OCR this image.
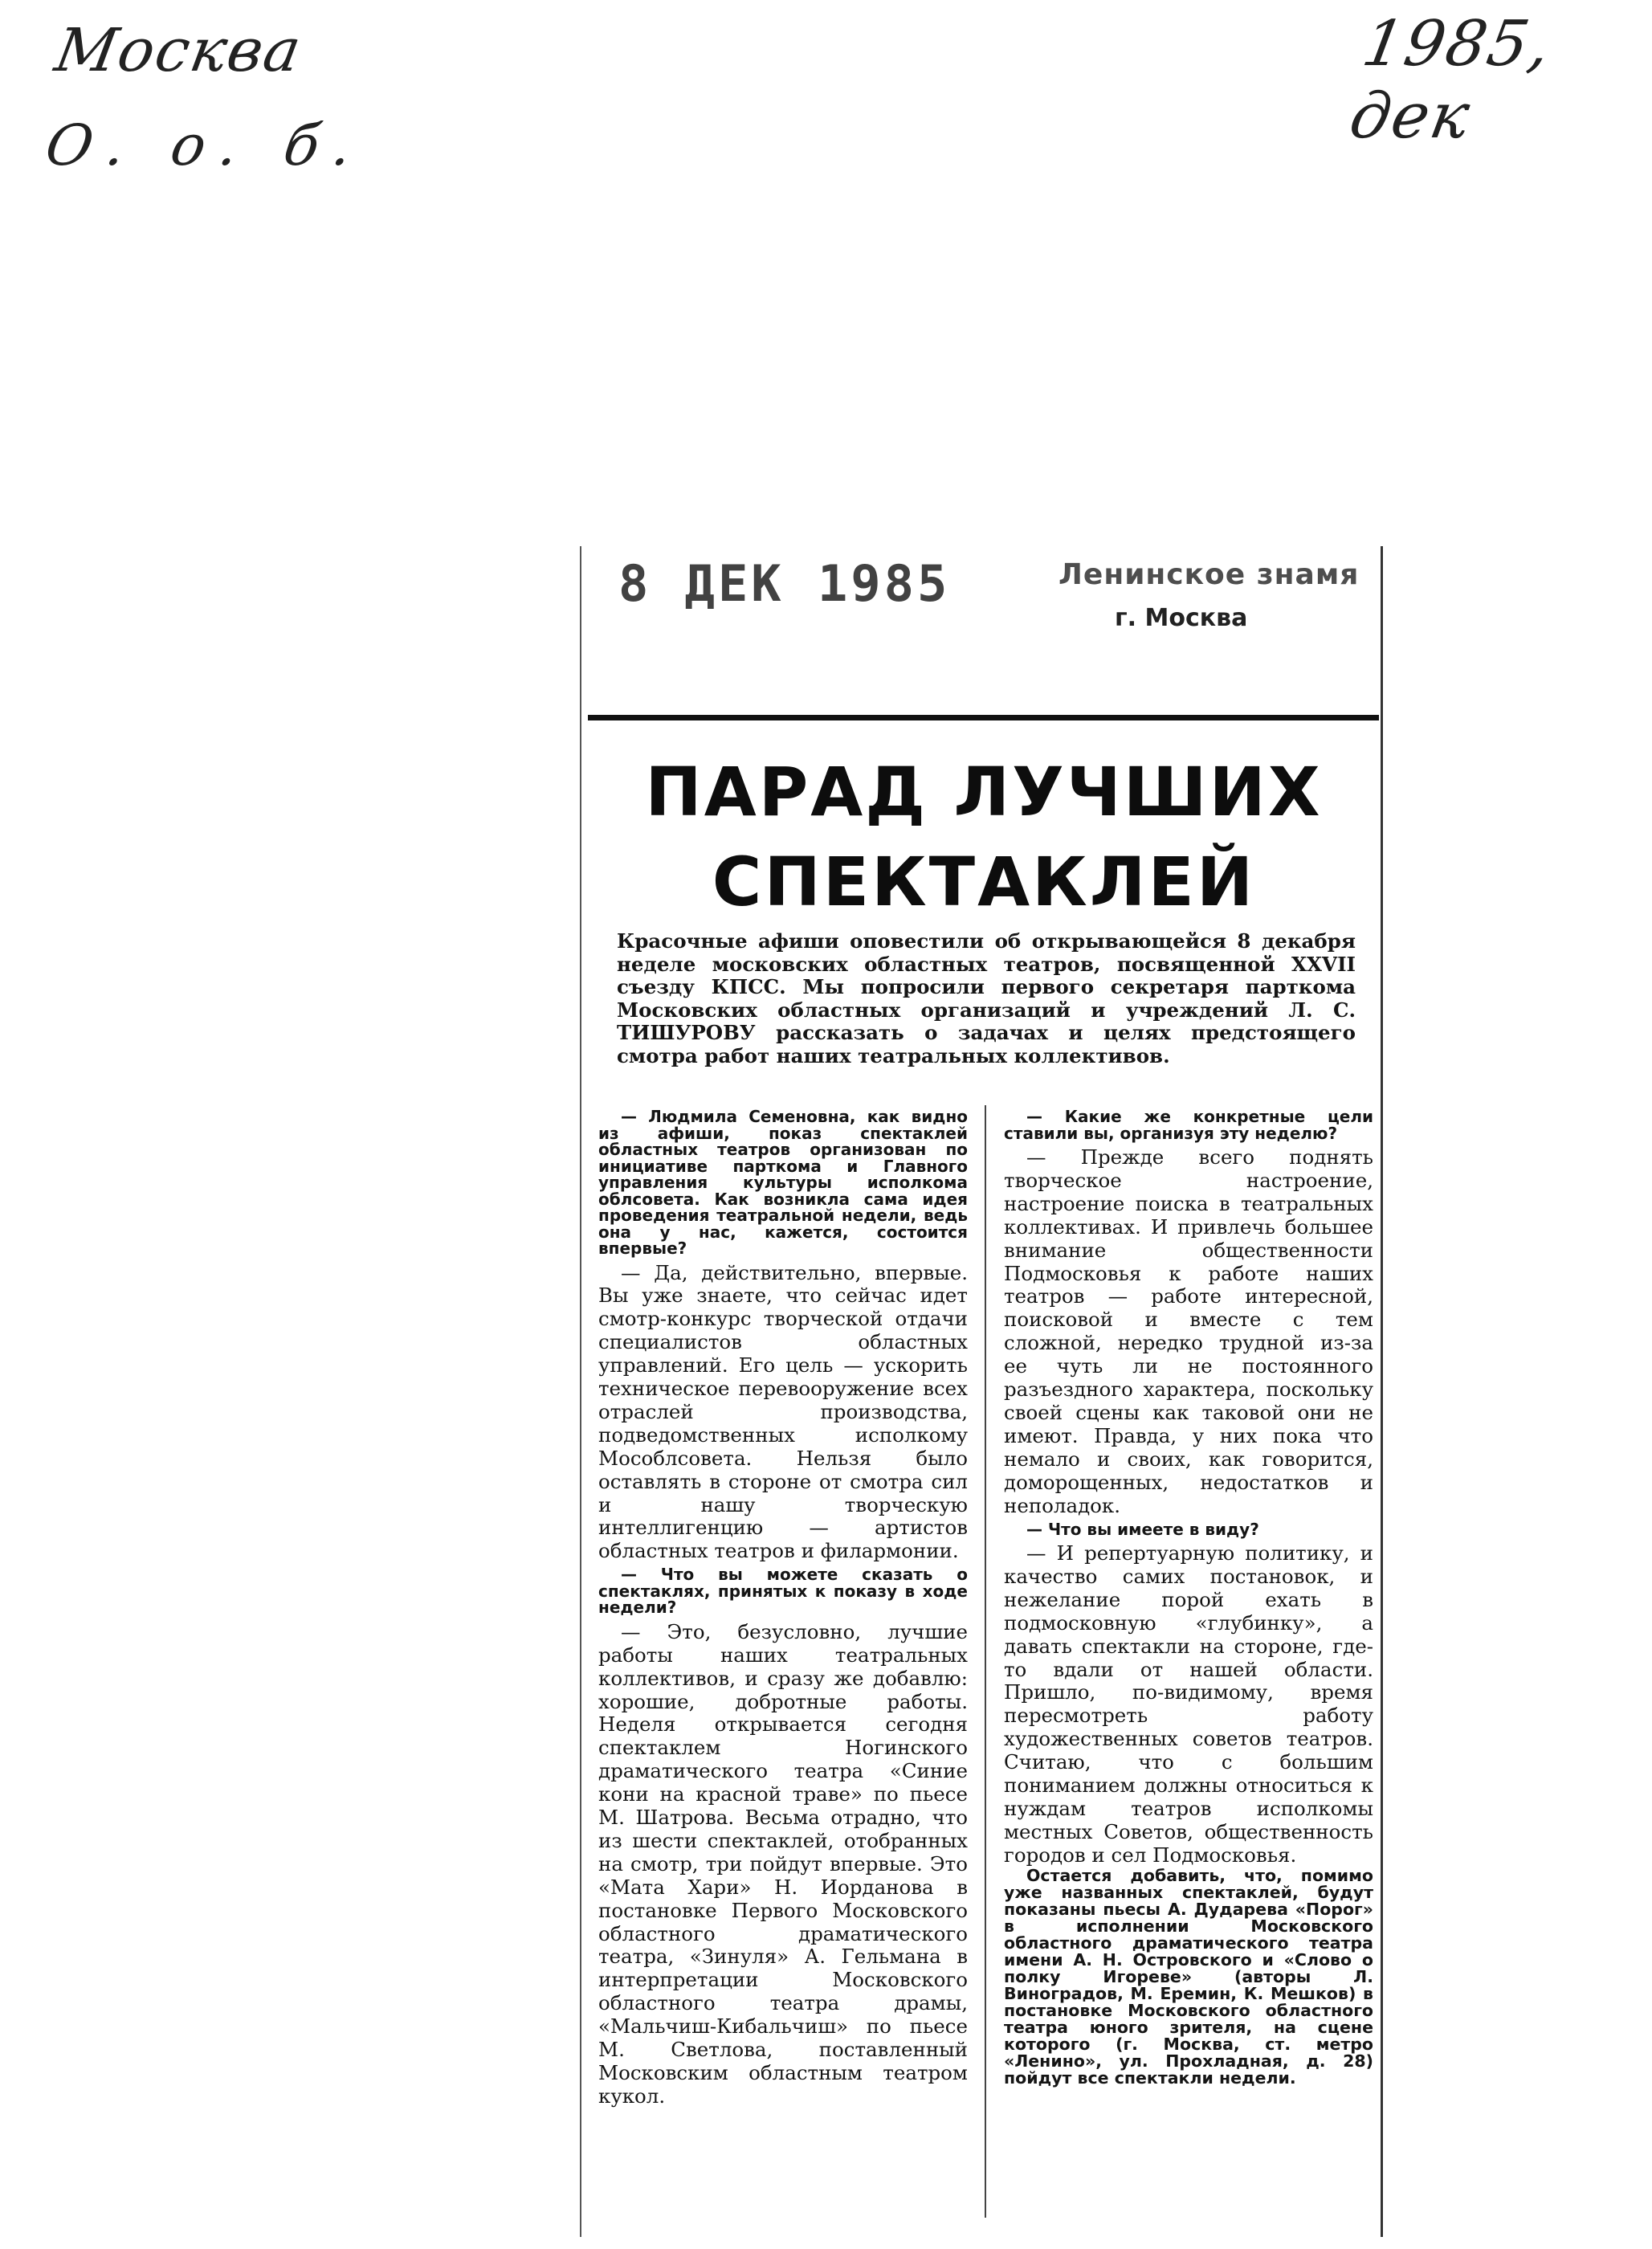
Москва
О. о. б.
1985, дек
8 ДЕК 1985	Ленинское знамя
г. Москва
ПАРАД ЛУЧШИХ
СПЕКТАКЛЕЙ
Красочные афиши оповестили об открывающейся 8 декабря неделе московских областных театров, посвященной XXVII съезду КПСС. Мы попросили первого секретаря парткома Московских областных организаций и учреждений Л. С. ТИШУРОВУ рассказать о задачах и целях предстоящего смотра работ наших театральных коллективов.

— Людмила Семеновна, как видно из афиши, показ спектаклей областных театров организован по инициативе парткома и Главного управления культуры исполкома облсовета. Как возникла сама идея проведения театральной недели, ведь она у нас, кажется, состоится впервые?

— Да, действительно, впервые. Вы уже знаете, что сейчас идет смотр-конкурс творческой отдачи специалистов областных управлений. Его цель — ускорить техническое перевооружение всех отраслей производства, подведомственных исполкому Мособлсовета. Нельзя было оставлять в стороне от смотра сил и нашу творческую интеллигенцию — артистов областных театров и филармонии.

— Что вы можете сказать о спектаклях, принятых к показу в ходе недели?

— Это, безусловно, лучшие работы наших театральных коллективов, и сразу же добавлю: хорошие, добротные работы. Неделя открывается сегодня спектаклем Ногинского драматического театра «Синие кони на красной траве» по пьесе М. Шатрова. Весьма отрадно, что из шести спектаклей, отобранных на смотр, три пойдут впервые. Это «Мата Хари» Н. Иорданова в постановке Первого Московского областного драматического театра, «Зинуля» А. Гельмана в интерпретации Московского областного театра драмы, «Мальчиш-Кибальчиш» по пьесе М. Светлова, поставленный Московским областным театром кукол.

— Какие же конкретные цели ставили вы, организуя эту неделю?

— Прежде всего поднять творческое настроение, настроение поиска в театральных коллективах. И привлечь большее внимание общественности Подмосковья к работе наших театров — работе интересной, поисковой и вместе с тем сложной, нередко трудной из-за ее чуть ли не постоянного разъездного характера, поскольку своей сцены как таковой они не имеют. Правда, у них пока что немало и своих, как говорится, доморощенных, недостатков и неполадок.

— Что вы имеете в виду?

— И репертуарную политику, и качество самих постановок, и нежелание порой ехать в подмосковную «глубинку», а давать спектакли на стороне, где-то вдали от нашей области. Пришло, по-видимому, время пересмотреть работу художественных советов театров. Считаю, что с большим пониманием должны относиться к нуждам театров исполкомы местных Советов, общественность городов и сел Подмосковья.

Остается добавить, что, помимо уже названных спектаклей, будут показаны пьесы А. Дударева «Порог» в исполнении Московского областного драматического театра имени А. Н. Островского и «Слово о полку Игореве» (авторы Л. Виноградов, М. Еремин, К. Мешков) в постановке Московского областного театра юного зрителя, на сцене которого (г. Москва, ст. метро «Ленино», ул. Прохладная, д. 28) пойдут все спектакли недели.
